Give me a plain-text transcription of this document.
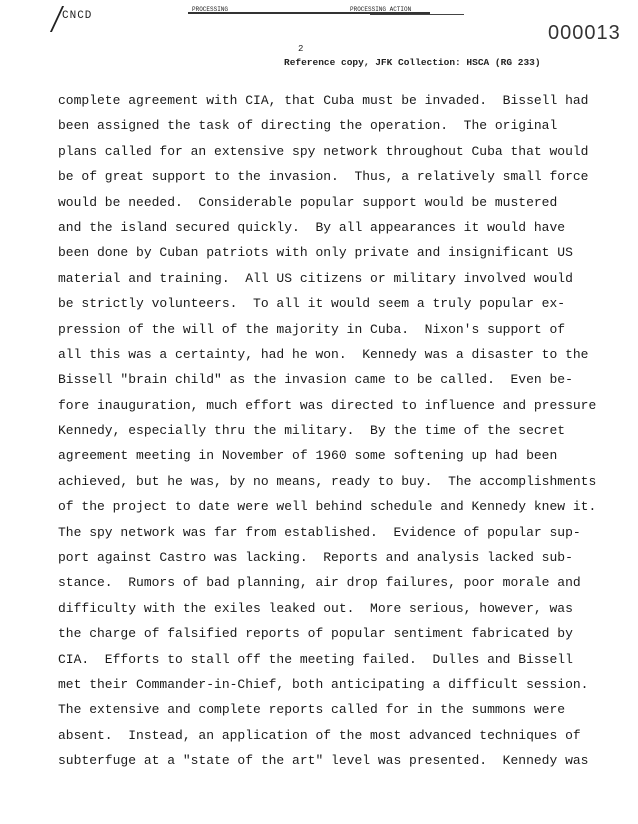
CNCD
PROCESSING	PROCESSING ACTION
000013
2
Reference copy, JFK Collection: HSCA (RG 233)
complete agreement with CIA, that Cuba must be invaded.  Bissell had
been assigned the task of directing the operation.  The original
plans called for an extensive spy network throughout Cuba that would
be of great support to the invasion.  Thus, a relatively small force
would be needed.  Considerable popular support would be mustered
and the island secured quickly.  By all appearances it would have
been done by Cuban patriots with only private and insignificant US
material and training.  All US citizens or military involved would
be strictly volunteers.  To all it would seem a truly popular ex-
pression of the will of the majority in Cuba.  Nixon's support of
all this was a certainty, had he won.  Kennedy was a disaster to the
Bissell "brain child" as the invasion came to be called.  Even be-
fore inauguration, much effort was directed to influence and pressure
Kennedy, especially thru the military.  By the time of the secret
agreement meeting in November of 1960 some softening up had been
achieved, but he was, by no means, ready to buy.  The accomplishments
of the project to date were well behind schedule and Kennedy knew it.
The spy network was far from established.  Evidence of popular sup-
port against Castro was lacking.  Reports and analysis lacked sub-
stance.  Rumors of bad planning, air drop failures, poor morale and
difficulty with the exiles leaked out.  More serious, however, was
the charge of falsified reports of popular sentiment fabricated by
CIA.  Efforts to stall off the meeting failed.  Dulles and Bissell
met their Commander-in-Chief, both anticipating a difficult session.
The extensive and complete reports called for in the summons were
absent.  Instead, an application of the most advanced techniques of
subterfuge at a "state of the art" level was presented.  Kennedy was
